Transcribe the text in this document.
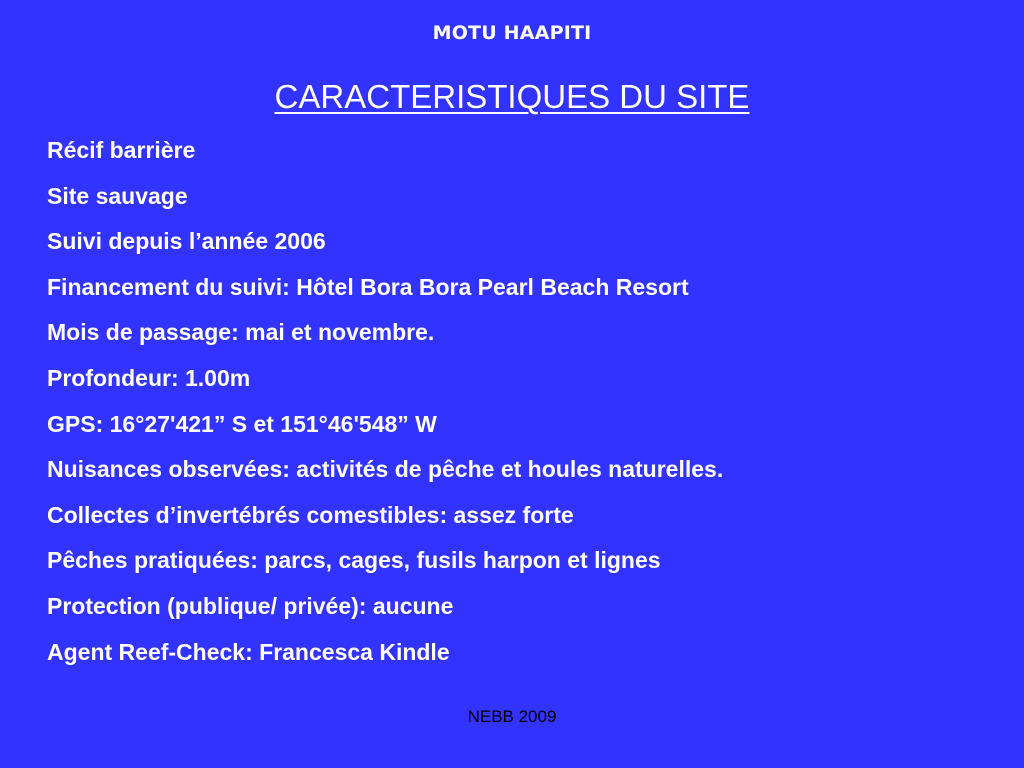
MOTU HAAPITI
CARACTERISTIQUES DU SITE
Récif barrière
Site sauvage
Suivi depuis l’année 2006
Financement du suivi: Hôtel Bora Bora Pearl Beach Resort
Mois de passage: mai et novembre.
Profondeur: 1.00m
GPS: 16°27'421” S et 151°46'548” W
Nuisances observées: activités de pêche et houles naturelles.
Collectes d’invertébrés comestibles: assez forte
Pêches pratiquées: parcs, cages, fusils harpon et lignes
Protection (publique/ privée): aucune
Agent Reef-Check: Francesca Kindle
NEBB 2009
